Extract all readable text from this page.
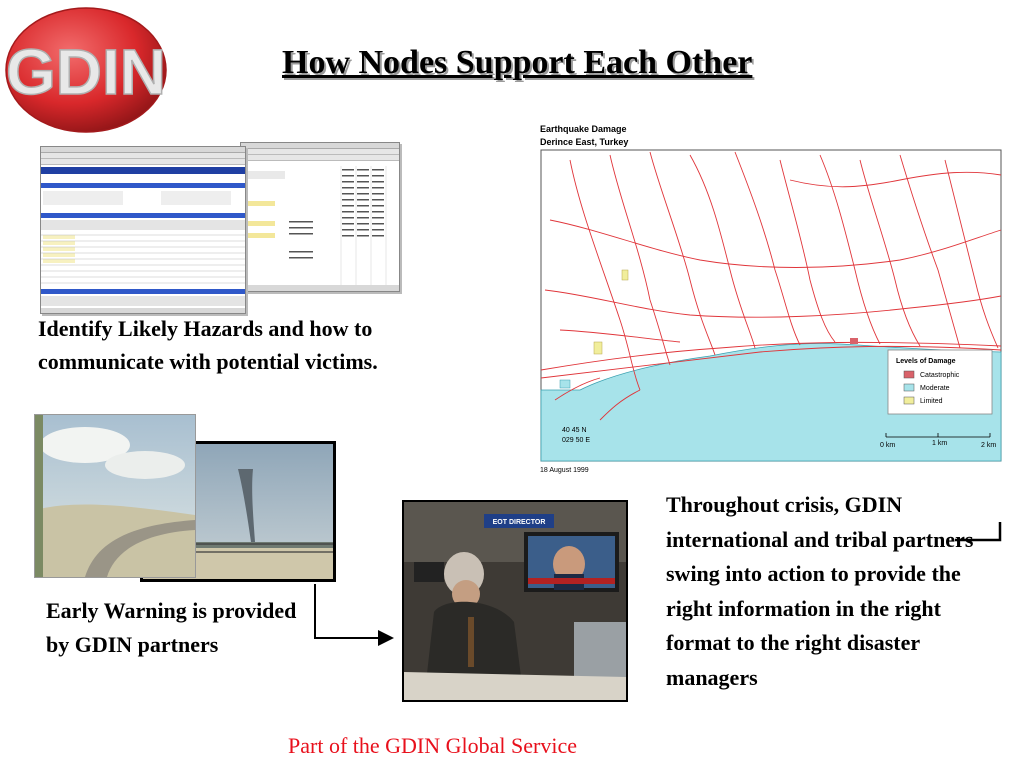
GDIN	How Nodes Support Each Other
Identify Likely Hazards and how to communicate with potential victims.
Early Warning is provided by GDIN partners
EOT DIRECTOR
Throughout crisis, GDIN international and tribal partners swing into action to provide the right information in the right format to the right disaster managers
Earthquake Damage
Derince East, Turkey
Levels of Damage
Catastrophic
Moderate
Limited
40 45 N
029 50 E
0 km	1 km	2 km
18 August 1999
Part of the GDIN Global Service
